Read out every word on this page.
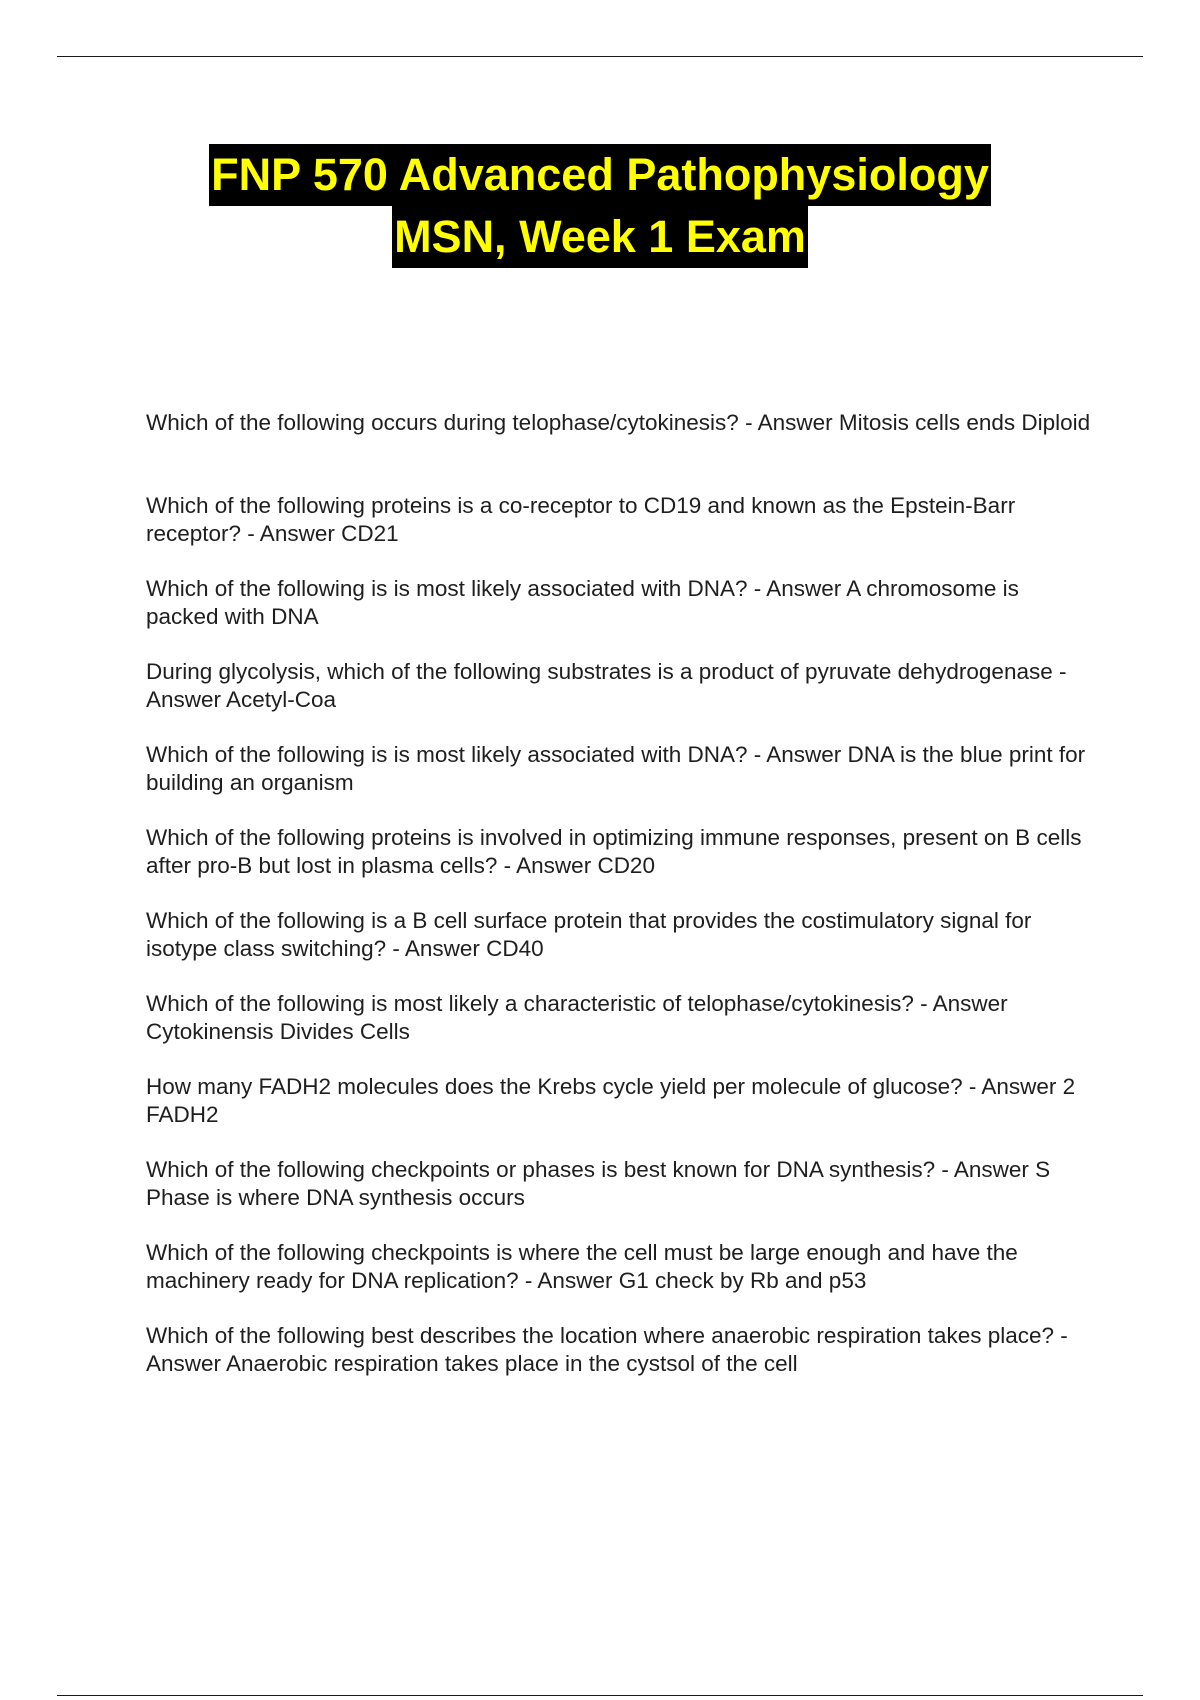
FNP 570 Advanced Pathophysiology
MSN, Week 1 Exam

Which of the following occurs during telophase/cytokinesis? - Answer Mitosis cells ends Diploid

Which of the following proteins is a co-receptor to CD19 and known as the Epstein-Barr receptor? - Answer CD21

Which of the following is is most likely associated with DNA? - Answer A chromosome is packed with DNA

During glycolysis, which of the following substrates is a product of pyruvate dehydrogenase - Answer Acetyl-Coa

Which of the following is is most likely associated with DNA? - Answer DNA is the blue print for building an organism

Which of the following proteins is involved in optimizing immune responses, present on B cells after pro-B but lost in plasma cells? - Answer CD20

Which of the following is a B cell surface protein that provides the costimulatory signal for isotype class switching? - Answer CD40

Which of the following is most likely a characteristic of telophase/cytokinesis? - Answer Cytokinensis Divides Cells

How many FADH2 molecules does the Krebs cycle yield per molecule of glucose? - Answer 2 FADH2

Which of the following checkpoints or phases is best known for DNA synthesis? - Answer S Phase is where DNA synthesis occurs

Which of the following checkpoints is where the cell must be large enough and have the machinery ready for DNA replication? - Answer G1 check by Rb and p53

Which of the following best describes the location where anaerobic respiration takes place? - Answer Anaerobic respiration takes place in the cystsol of the cell
